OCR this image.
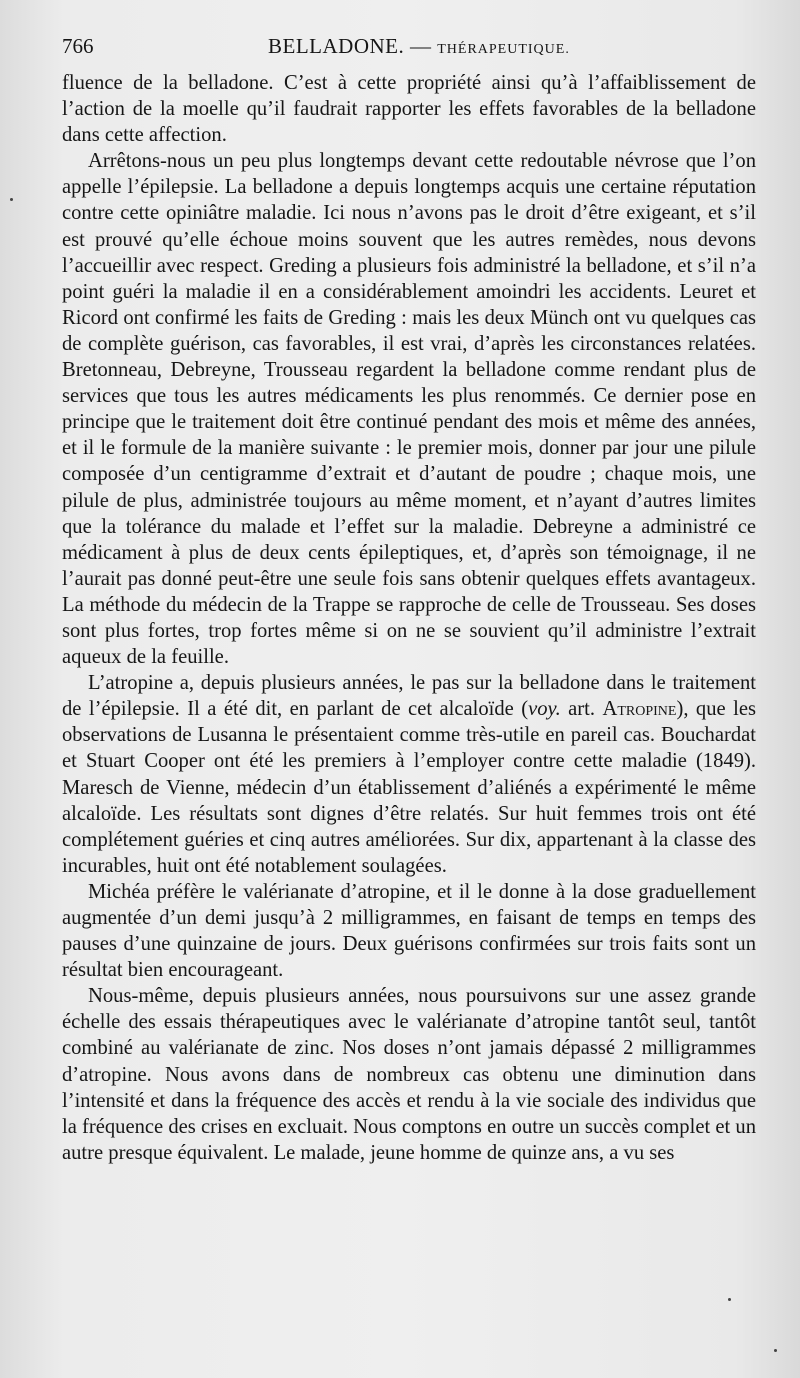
766	BELLADONE. — THÉRAPEUTIQUE.

fluence de la belladone. C’est à cette propriété ainsi qu’à l’affaiblissement de l’action de la moelle qu’il faudrait rapporter les effets favorables de la belladone dans cette affection.

Arrêtons-nous un peu plus longtemps devant cette redoutable névrose que l’on appelle l’épilepsie. La belladone a depuis longtemps acquis une certaine réputation contre cette opiniâtre maladie. Ici nous n’avons pas le droit d’être exigeant, et s’il est prouvé qu’elle échoue moins souvent que les autres remèdes, nous devons l’accueillir avec respect. Greding a plusieurs fois administré la belladone, et s’il n’a point guéri la maladie il en a considérablement amoindri les accidents. Leuret et Ricord ont confirmé les faits de Greding : mais les deux Münch ont vu quelques cas de complète guérison, cas favorables, il est vrai, d’après les circonstances relatées. Bretonneau, Debreyne, Trousseau regardent la belladone comme rendant plus de services que tous les autres médicaments les plus renommés. Ce dernier pose en principe que le traitement doit être continué pendant des mois et même des années, et il le formule de la manière suivante : le premier mois, donner par jour une pilule composée d’un centigramme d’extrait et d’autant de poudre ; chaque mois, une pilule de plus, administrée toujours au même moment, et n’ayant d’autres limites que la tolérance du malade et l’effet sur la maladie. Debreyne a administré ce médicament à plus de deux cents épileptiques, et, d’après son témoignage, il ne l’aurait pas donné peut-être une seule fois sans obtenir quelques effets avantageux. La méthode du médecin de la Trappe se rapproche de celle de Trousseau. Ses doses sont plus fortes, trop fortes même si on ne se souvient qu’il administre l’extrait aqueux de la feuille.

L’atropine a, depuis plusieurs années, le pas sur la belladone dans le traitement de l’épilepsie. Il a été dit, en parlant de cet alcaloïde (voy. art. Atropine), que les observations de Lusanna le présentaient comme très-utile en pareil cas. Bouchardat et Stuart Cooper ont été les premiers à l’employer contre cette maladie (1849). Maresch de Vienne, médecin d’un établissement d’aliénés a expérimenté le même alcaloïde. Les résultats sont dignes d’être relatés. Sur huit femmes trois ont été complétement guéries et cinq autres améliorées. Sur dix, appartenant à la classe des incurables, huit ont été notablement soulagées.

Michéa préfère le valérianate d’atropine, et il le donne à la dose graduellement augmentée d’un demi jusqu’à 2 milligrammes, en faisant de temps en temps des pauses d’une quinzaine de jours. Deux guérisons confirmées sur trois faits sont un résultat bien encourageant.

Nous-même, depuis plusieurs années, nous poursuivons sur une assez grande échelle des essais thérapeutiques avec le valérianate d’atropine tantôt seul, tantôt combiné au valérianate de zinc. Nos doses n’ont jamais dépassé 2 milligrammes d’atropine. Nous avons dans de nombreux cas obtenu une diminution dans l’intensité et dans la fréquence des accès et rendu à la vie sociale des individus que la fréquence des crises en excluait. Nous comptons en outre un succès complet et un autre presque équivalent. Le malade, jeune homme de quinze ans, a vu ses
